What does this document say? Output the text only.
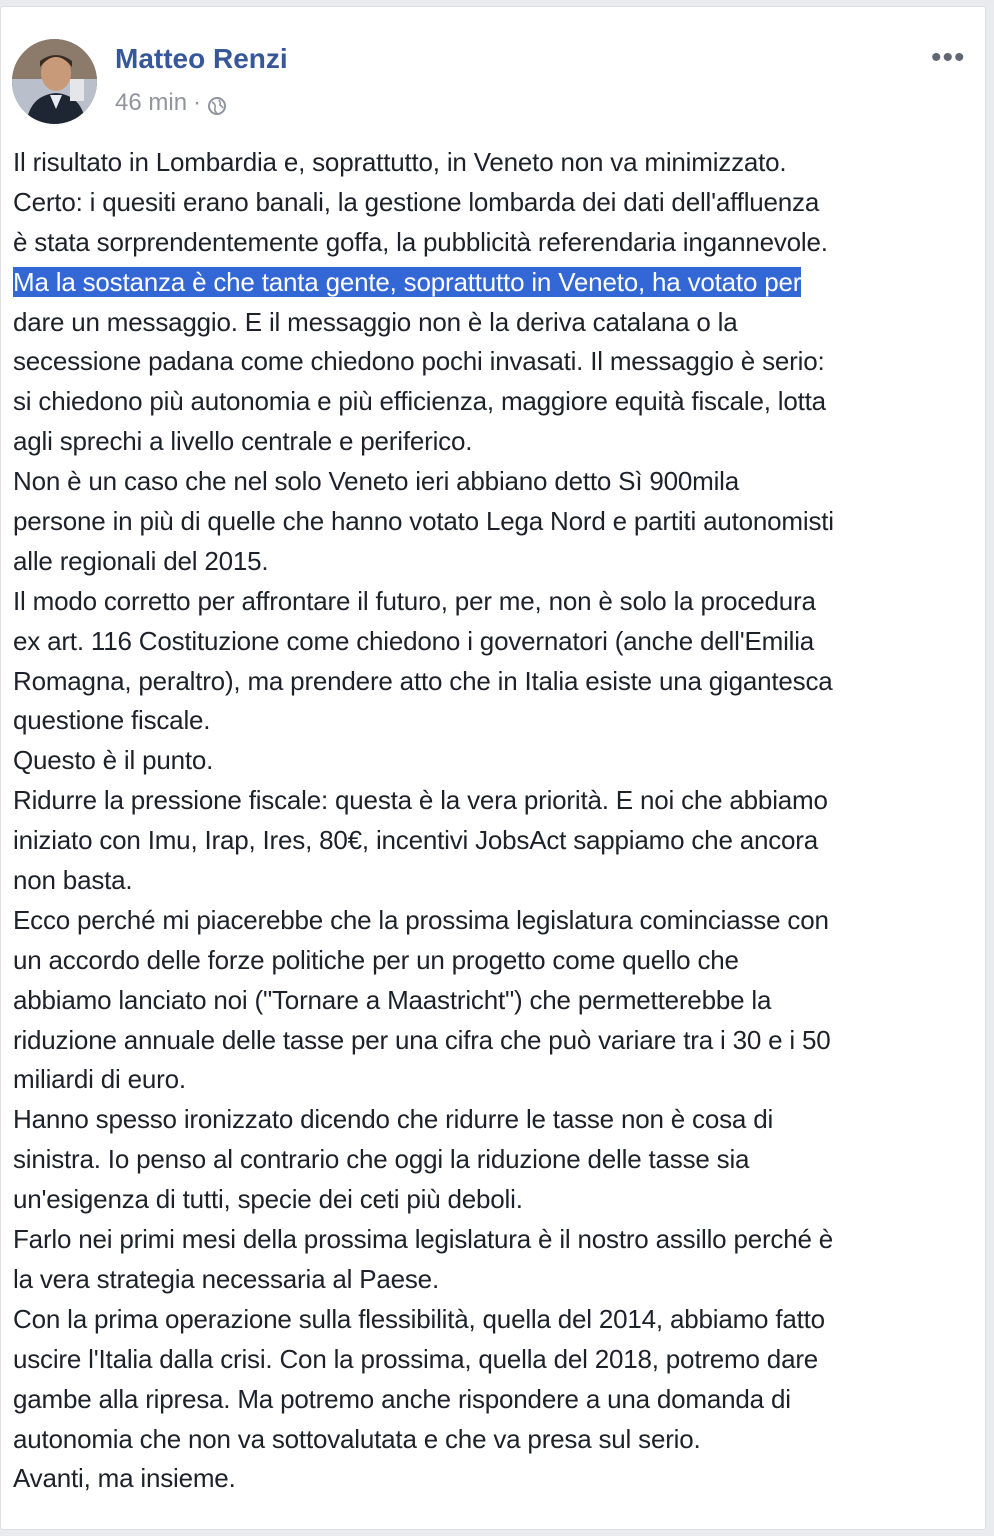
Matteo Renzi
46 min ·
•••
Il risultato in Lombardia e, soprattutto, in Veneto non va minimizzato.
Certo: i quesiti erano banali, la gestione lombarda dei dati dell'affluenza
è stata sorprendentemente goffa, la pubblicità referendaria ingannevole.
Ma la sostanza è che tanta gente, soprattutto in Veneto, ha votato per
dare un messaggio. E il messaggio non è la deriva catalana o la
secessione padana come chiedono pochi invasati. Il messaggio è serio:
si chiedono più autonomia e più efficienza, maggiore equità fiscale, lotta
agli sprechi a livello centrale e periferico.
Non è un caso che nel solo Veneto ieri abbiano detto Sì 900mila
persone in più di quelle che hanno votato Lega Nord e partiti autonomisti
alle regionali del 2015.
Il modo corretto per affrontare il futuro, per me, non è solo la procedura
ex art. 116 Costituzione come chiedono i governatori (anche dell'Emilia
Romagna, peraltro), ma prendere atto che in Italia esiste una gigantesca
questione fiscale.
Questo è il punto.
Ridurre la pressione fiscale: questa è la vera priorità. E noi che abbiamo
iniziato con Imu, Irap, Ires, 80€, incentivi JobsAct sappiamo che ancora
non basta.
Ecco perché mi piacerebbe che la prossima legislatura cominciasse con
un accordo delle forze politiche per un progetto come quello che
abbiamo lanciato noi ("Tornare a Maastricht") che permetterebbe la
riduzione annuale delle tasse per una cifra che può variare tra i 30 e i 50
miliardi di euro.
Hanno spesso ironizzato dicendo che ridurre le tasse non è cosa di
sinistra. Io penso al contrario che oggi la riduzione delle tasse sia
un'esigenza di tutti, specie dei ceti più deboli.
Farlo nei primi mesi della prossima legislatura è il nostro assillo perché è
la vera strategia necessaria al Paese.
Con la prima operazione sulla flessibilità, quella del 2014, abbiamo fatto
uscire l'Italia dalla crisi. Con la prossima, quella del 2018, potremo dare
gambe alla ripresa. Ma potremo anche rispondere a una domanda di
autonomia che non va sottovalutata e che va presa sul serio.
Avanti, ma insieme.
